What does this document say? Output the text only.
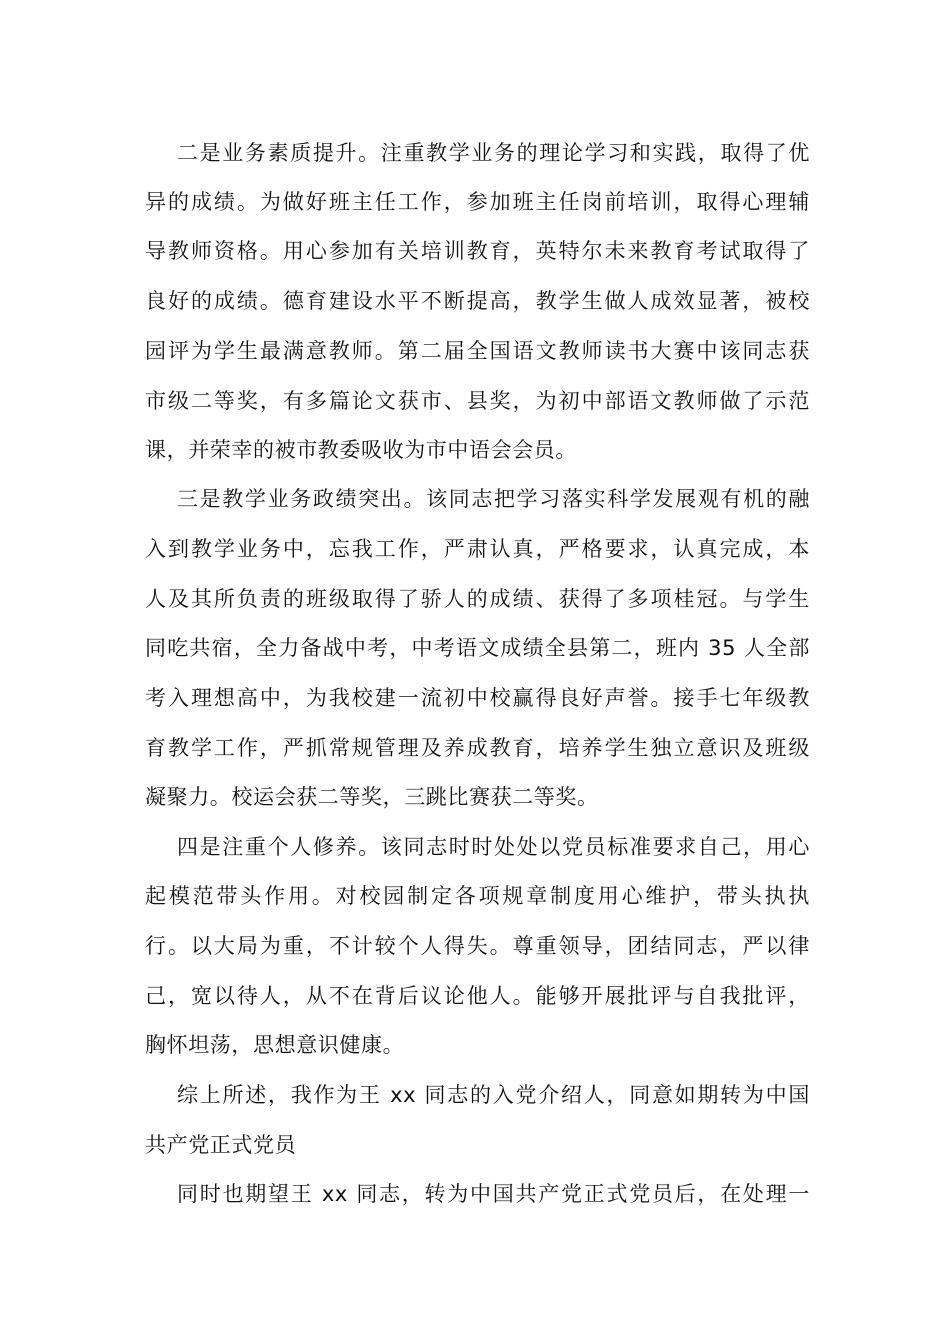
二是业务素质提升。注重教学业务的理论学习和实践，取得了优
异的成绩。为做好班主任工作，参加班主任岗前培训，取得心理辅
导教师资格。用心参加有关培训教育，英特尔未来教育考试取得了
良好的成绩。德育建设水平不断提高，教学生做人成效显著，被校
园评为学生最满意教师。第二届全国语文教师读书大赛中该同志获
市级二等奖，有多篇论文获市、县奖，为初中部语文教师做了示范
课，并荣幸的被市教委吸收为市中语会会员。
三是教学业务政绩突出。该同志把学习落实科学发展观有机的融
入到教学业务中，忘我工作，严肃认真，严格要求，认真完成，本
人及其所负责的班级取得了骄人的成绩、获得了多项桂冠。与学生
同吃共宿，全力备战中考，中考语文成绩全县第二，班内 35 人全部
考入理想高中，为我校建一流初中校赢得良好声誉。接手七年级教
育教学工作，严抓常规管理及养成教育，培养学生独立意识及班级
凝聚力。校运会获二等奖，三跳比赛获二等奖。
四是注重个人修养。该同志时时处处以党员标准要求自己，用心
起模范带头作用。对校园制定各项规章制度用心维护，带头执执
行。以大局为重，不计较个人得失。尊重领导，团结同志，严以律
己，宽以待人，从不在背后议论他人。能够开展批评与自我批评，
胸怀坦荡，思想意识健康。
综上所述，我作为王 xx 同志的入党介绍人，同意如期转为中国
共产党正式党员
同时也期望王 xx 同志，转为中国共产党正式党员后，在处理一
